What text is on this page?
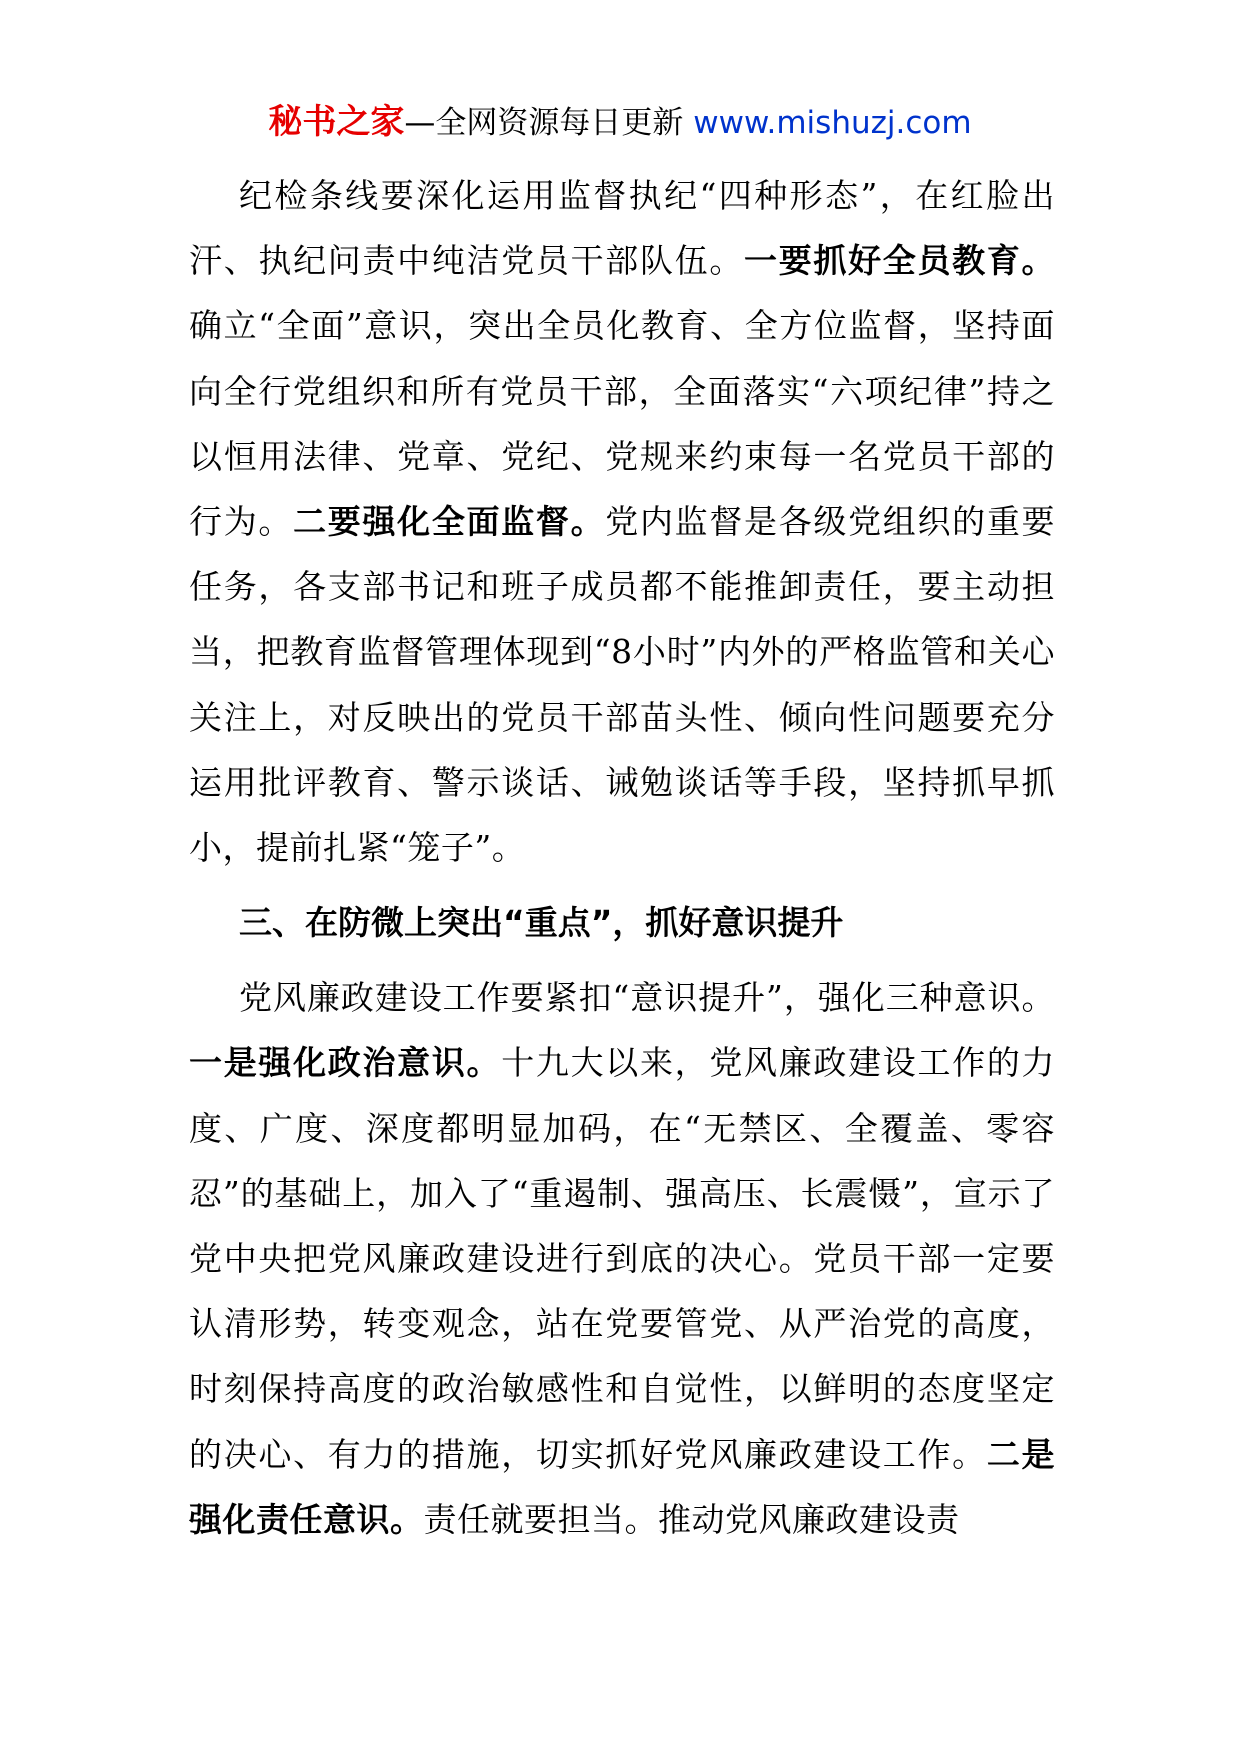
秘书之家—全网资源每日更新 www.mishuzj.com

纪检条线要深化运用监督执纪“四种形态”，在红脸出汗、执纪问责中纯洁党员干部队伍。一要抓好全员教育。确立“全面”意识，突出全员化教育、全方位监督，坚持面向全行党组织和所有党员干部，全面落实“六项纪律”持之以恒用法律、党章、党纪、党规来约束每一名党员干部的行为。二要强化全面监督。党内监督是各级党组织的重要任务，各支部书记和班子成员都不能推卸责任，要主动担当，把教育监督管理体现到“8小时”内外的严格监管和关心关注上，对反映出的党员干部苗头性、倾向性问题要充分运用批评教育、警示谈话、诫勉谈话等手段，坚持抓早抓小，提前扎紧“笼子”。

三、在防微上突出“重点”，抓好意识提升

党风廉政建设工作要紧扣“意识提升”，强化三种意识。一是强化政治意识。十九大以来，党风廉政建设工作的力度、广度、深度都明显加码，在“无禁区、全覆盖、零容忍”的基础上，加入了“重遏制、强高压、长震慑”，宣示了党中央把党风廉政建设进行到底的决心。党员干部一定要认清形势，转变观念，站在党要管党、从严治党的高度，时刻保持高度的政治敏感性和自觉性，以鲜明的态度坚定的决心、有力的措施，切实抓好党风廉政建设工作。二是强化责任意识。责任就要担当。推动党风廉政建设责
